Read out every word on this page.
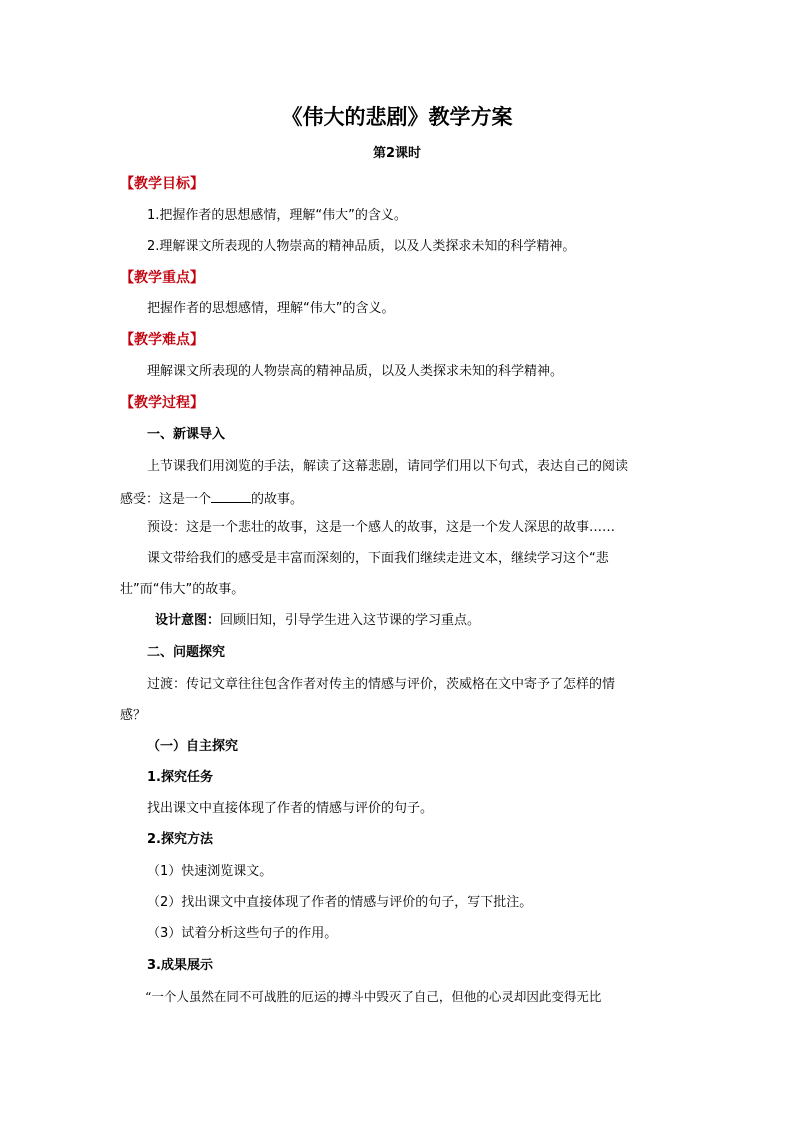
《伟大的悲剧》教学方案
第2课时
【教学目标】
1.把握作者的思想感情，理解“伟大”的含义。
2.理解课文所表现的人物崇高的精神品质，以及人类探求未知的科学精神。
【教学重点】
把握作者的思想感情，理解“伟大”的含义。
【教学难点】
理解课文所表现的人物崇高的精神品质，以及人类探求未知的科学精神。
【教学过程】
一、新课导入
上节课我们用浏览的手法，解读了这幕悲剧，请同学们用以下句式，表达自己的阅读
感受：这是一个	的故事。
预设：这是一个悲壮的故事，这是一个感人的故事，这是一个发人深思的故事……
课文带给我们的感受是丰富而深刻的，下面我们继续走进文本，继续学习这个“悲
壮”而“伟大”的故事。
设计意图：回顾旧知，引导学生进入这节课的学习重点。
二、问题探究
过渡：传记文章往往包含作者对传主的情感与评价，茨威格在文中寄予了怎样的情
感？
（一）自主探究
1.探究任务
找出课文中直接体现了作者的情感与评价的句子。
2.探究方法
（1）快速浏览课文。
（2）找出课文中直接体现了作者的情感与评价的句子，写下批注。
（3）试着分析这些句子的作用。
3.成果展示
“一个人虽然在同不可战胜的厄运的搏斗中毁灭了自己，但他的心灵却因此变得无比
